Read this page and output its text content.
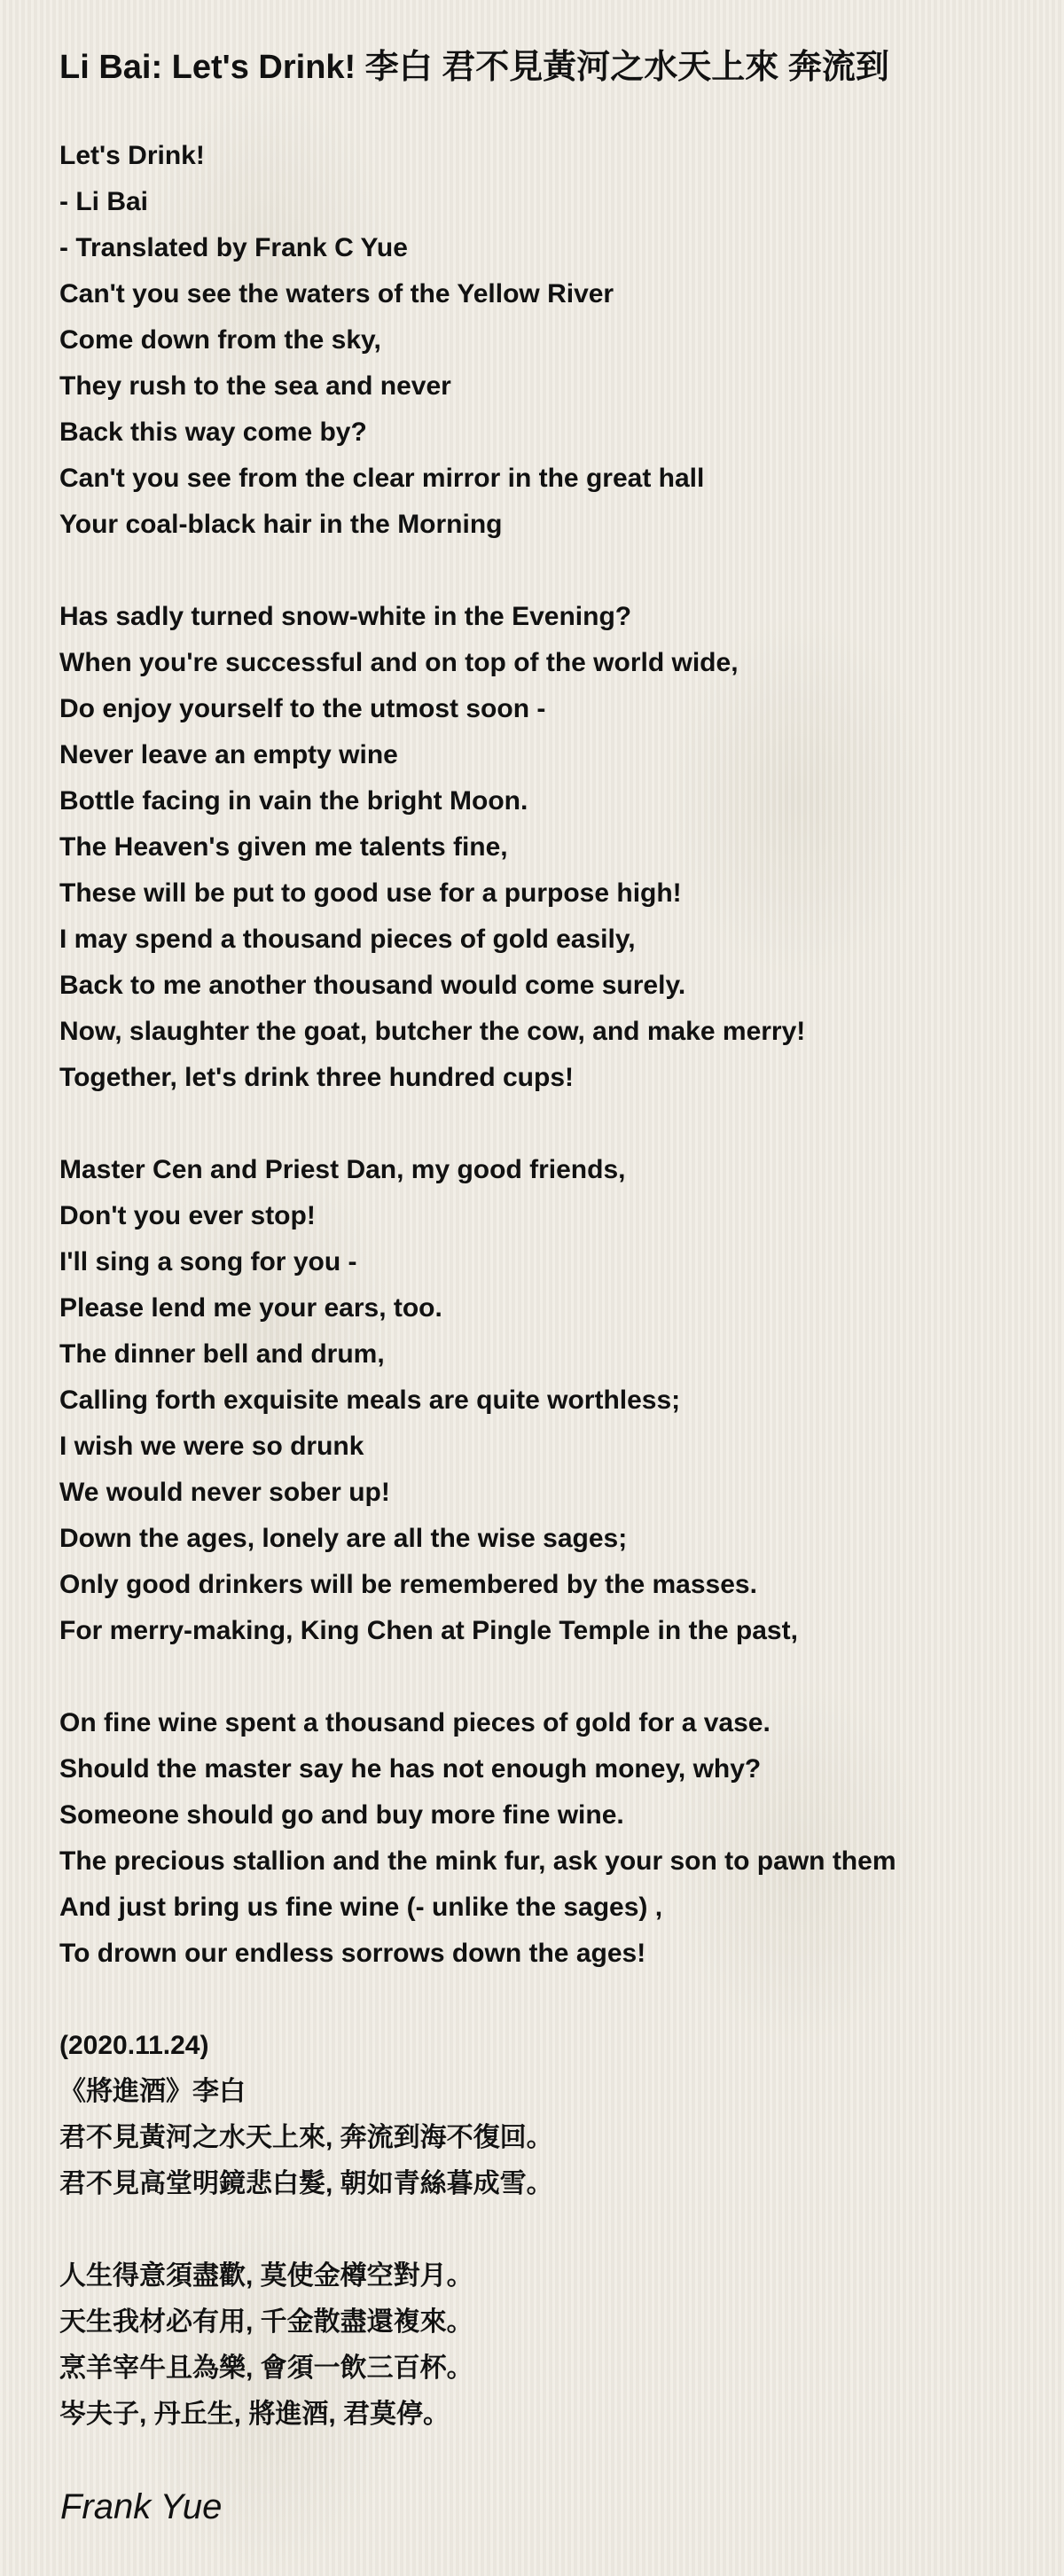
Li Bai: Let's Drink! 李白 君不見黃河之水天上來 奔流到
Let's Drink!
- Li Bai
- Translated by Frank C Yue
Can't you see the waters of the Yellow River
Come down from the sky,
They rush to the sea and never
Back this way come by?
Can't you see from the clear mirror in the great hall
Your coal-black hair in the Morning
Has sadly turned snow-white in the Evening?
When you're successful and on top of the world wide,
Do enjoy yourself to the utmost soon -
Never leave an empty wine
Bottle facing in vain the bright Moon.
The Heaven's given me talents fine,
These will be put to good use for a purpose high!
I may spend a thousand pieces of gold easily,
Back to me another thousand would come surely.
Now, slaughter the goat, butcher the cow, and make merry!
Together, let's drink three hundred cups!
Master Cen and Priest Dan, my good friends,
Don't you ever stop!
I'll sing a song for you -
Please lend me your ears, too.
The dinner bell and drum,
Calling forth exquisite meals are quite worthless;
I wish we were so drunk
We would never sober up!
Down the ages, lonely are all the wise sages;
Only good drinkers will be remembered by the masses.
For merry-making, King Chen at Pingle Temple in the past,
On fine wine spent a thousand pieces of gold for a vase.
Should the master say he has not enough money, why?
Someone should go and buy more fine wine.
The precious stallion and the mink fur, ask your son to pawn them
And just bring us fine wine (- unlike the sages) ,
To drown our endless sorrows down the ages!
(2020.11.24)
《將進酒》李白
君不見黃河之水天上來, 奔流到海不復回。
君不見高堂明鏡悲白髮, 朝如青絲暮成雪。
人生得意須盡歡, 莫使金樽空對月。
天生我材必有用, 千金散盡還複來。
烹羊宰牛且為樂, 會須一飲三百杯。
岑夫子, 丹丘生, 將進酒, 君莫停。
Frank Yue
